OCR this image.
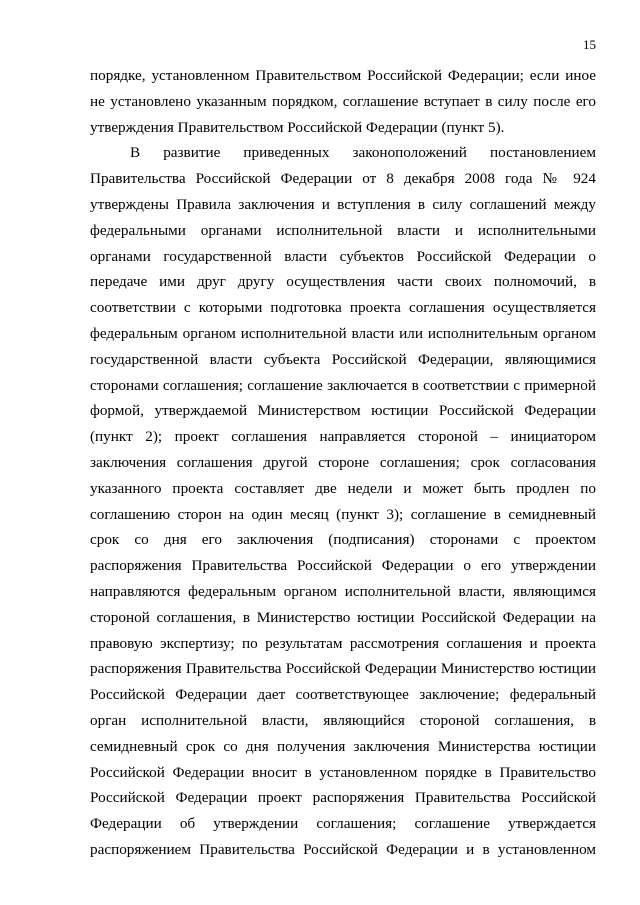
15
порядке, установленном Правительством Российской Федерации; если иное
не установлено указанным порядком, соглашение вступает в силу после его
утверждения Правительством Российской Федерации (пункт 5).
В развитие приведенных законоположений постановлением
Правительства Российской Федерации от 8 декабря 2008 года № 924
утверждены Правила заключения и вступления в силу соглашений между
федеральными органами исполнительной власти и исполнительными
органами государственной власти субъектов Российской Федерации о
передаче ими друг другу осуществления части своих полномочий, в
соответствии с которыми подготовка проекта соглашения осуществляется
федеральным органом исполнительной власти или исполнительным органом
государственной власти субъекта Российской Федерации, являющимися
сторонами соглашения; соглашение заключается в соответствии с примерной
формой, утверждаемой Министерством юстиции Российской Федерации
(пункт 2); проект соглашения направляется стороной – инициатором
заключения соглашения другой стороне соглашения; срок согласования
указанного проекта составляет две недели и может быть продлен по
соглашению сторон на один месяц (пункт 3); соглашение в семидневный
срок со дня его заключения (подписания) сторонами с проектом
распоряжения Правительства Российской Федерации о его утверждении
направляются федеральным органом исполнительной власти, являющимся
стороной соглашения, в Министерство юстиции Российской Федерации на
правовую экспертизу; по результатам рассмотрения соглашения и проекта
распоряжения Правительства Российской Федерации Министерство юстиции
Российской Федерации дает соответствующее заключение; федеральный
орган исполнительной власти, являющийся стороной соглашения, в
семидневный срок со дня получения заключения Министерства юстиции
Российской Федерации вносит в установленном порядке в Правительство
Российской Федерации проект распоряжения Правительства Российской
Федерации об утверждении соглашения; соглашение утверждается
распоряжением Правительства Российской Федерации и в установленном
